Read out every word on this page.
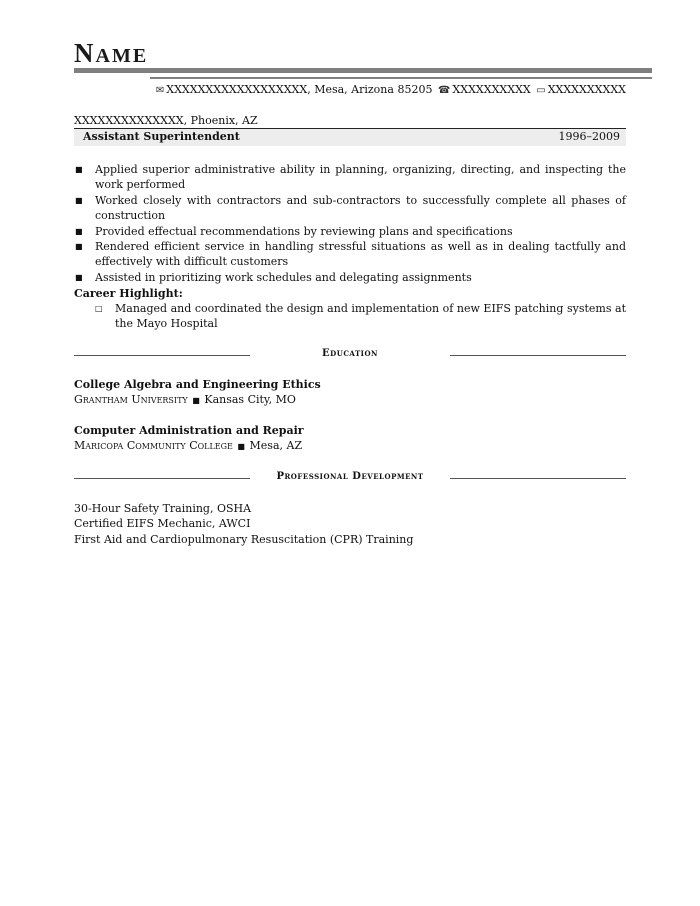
NAME
✉ XXXXXXXXXXXXXXXXXX, Mesa, Arizona 85205 ☎ XXXXXXXXXX ▭ XXXXXXXXXX
XXXXXXXXXXXXXX, Phoenix, AZ
Assistant Superintendent	1996–2009
■ Applied superior administrative ability in planning, organizing, directing, and inspecting the work performed
■ Worked closely with contractors and sub-contractors to successfully complete all phases of construction
■ Provided effectual recommendations by reviewing plans and specifications
■ Rendered efficient service in handling stressful situations as well as in dealing tactfully and effectively with difficult customers
■ Assisted in prioritizing work schedules and delegating assignments
Career Highlight:
□ Managed and coordinated the design and implementation of new EIFS patching systems at the Mayo Hospital
Education
College Algebra and Engineering Ethics
Grantham University ■ Kansas City, MO
Computer Administration and Repair
Maricopa Community College ■ Mesa, AZ
Professional Development
30-Hour Safety Training, OSHA
Certified EIFS Mechanic, AWCI
First Aid and Cardiopulmonary Resuscitation (CPR) Training
